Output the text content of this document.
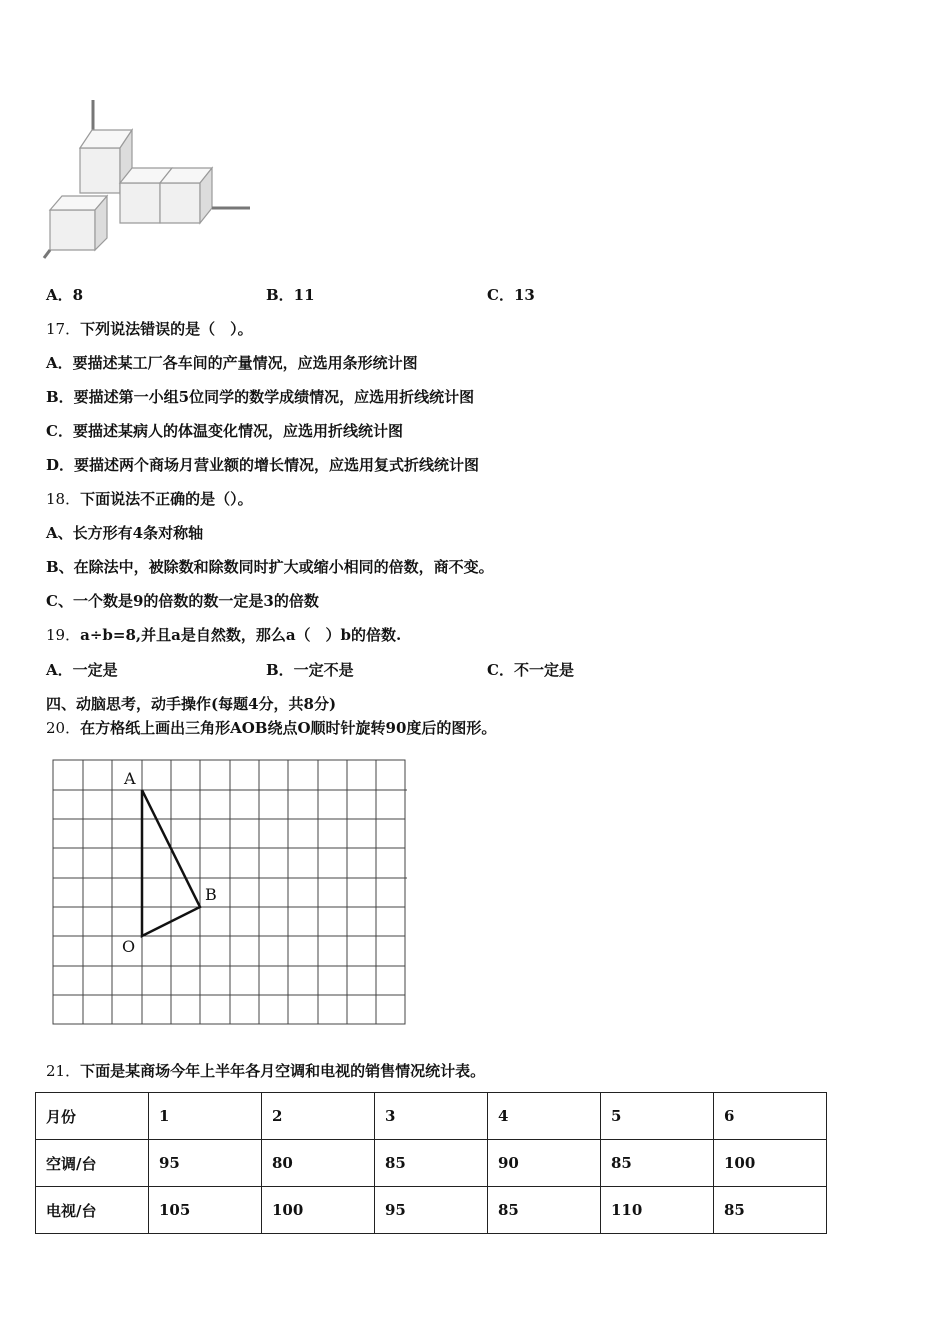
A．8	B．11	C．13
17．下列说法错误的是（　）。
A．要描述某工厂各车间的产量情况，应选用条形统计图
B．要描述第一小组5位同学的数学成绩情况，应选用折线统计图
C．要描述某病人的体温变化情况，应选用折线统计图
D．要描述两个商场月营业额的增长情况，应选用复式折线统计图
18．下面说法不正确的是（）。
A、长方形有4条对称轴
B、在除法中，被除数和除数同时扩大或缩小相同的倍数，商不变。
C、一个数是9的倍数的数一定是3的倍数
19．a÷b=8,并且a是自然数，那么a（　）b的倍数.
A．一定是	B．一定不是	C．不一定是
四、动脑思考，动手操作(每题4分，共8分)
20．在方格纸上画出三角形AOB绕点O顺时针旋转90度后的图形。
A
B
O
21．下面是某商场今年上半年各月空调和电视的销售情况统计表。
月份	1	2	3	4	5	6
空调/台	95	80	85	90	85	100
电视/台	105	100	95	85	110	85
